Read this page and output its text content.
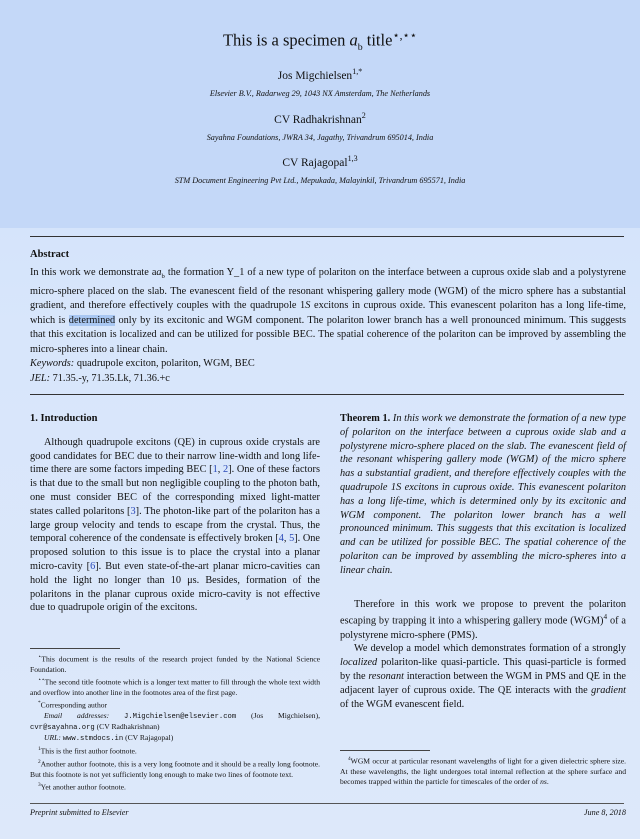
This is a specimen $a_b$ title⋆,⋆⋆
Jos Migchielsen$^{1,*}$
Elsevier B.V., Radarweg 29, 1043 NX Amsterdam, The Netherlands
CV Radhakrishnan$^2$
Sayahna Foundations, JWRA 34, Jagathy, Trivandrum 695014, India
CV Rajagopal$^{1,3}$
STM Document Engineering Pvt Ltd., Mepukada, Malayinkil, Trivandrum 695571, India
Abstract
In this work we demonstrate $aa_b$ the formation Y_1 of a new type of polariton on the interface between a cuprous oxide slab and a polystyrene micro-sphere placed on the slab. The evanescent field of the resonant whispering gallery mode (WGM) of the micro sphere has a substantial gradient, and therefore effectively couples with the quadrupole 1S excitons in cuprous oxide. This evanescent polariton has a long life-time, which is determined only by its excitonic and WGM component. The polariton lower branch has a well pronounced minimum. This suggests that this excitation is localized and can be utilized for possible BEC. The spatial coherence of the polariton can be improved by assembling the micro-spheres into a linear chain.
Keywords: quadrupole exciton, polariton, WGM, BEC
JEL: 71.35.-y, 71.35.Lk, 71.36.+c
1. Introduction

Although quadrupole excitons (QE) in cuprous oxide crystals are good candidates for BEC due to their narrow line-width and long life-time there are some factors impeding BEC [1, 2]. One of these factors is that due to the small but non negligible coupling to the photon bath, one must consider BEC of the corresponding mixed light-matter states called polaritons [3]. The photon-like part of the polariton has a large group velocity and tends to escape from the crystal. Thus, the temporal coherence of the condensate is effectively broken [4, 5]. One proposed solution to this issue is to place the crystal into a planar micro-cavity [6]. But even state-of-the-art planar micro-cavities can hold the light no longer than 10 μs. Besides, formation of the polaritons in the planar cuprous oxide micro-cavity is not effective due to quadrupole origin of the excitons.

⋆This document is the results of the research project funded by the National Science Foundation.

⋆⋆The second title footnote which is a longer text matter to fill through the whole text width and overflow into another line in the footnotes area of the first page.

*Corresponding author

Email addresses: J.Migchielsen@elsevier.com (Jos Migchielsen), cvr@sayahna.org (CV Radhakrishnan)

URL: www.stmdocs.in (CV Rajagopal)

$^1$This is the first author footnote.

$^2$Another author footnote, this is a very long footnote and it should be a really long footnote. But this footnote is not yet sufficiently long enough to make two lines of footnote text.

$^3$Yet another author footnote.

Theorem 1. In this work we demonstrate the formation of a new type of polariton on the interface between a cuprous oxide slab and a polystyrene micro-sphere placed on the slab. The evanescent field of the resonant whispering gallery mode (WGM) of the micro sphere has a substantial gradient, and therefore effectively couples with the quadrupole 1S excitons in cuprous oxide. This evanescent polariton has a long life-time, which is determined only by its excitonic and WGM component. The polariton lower branch has a well pronounced minimum. This suggests that this excitation is localized and can be utilized for possible BEC. The spatial coherence of the polariton can be improved by assembling the micro-spheres into a linear chain.

Therefore in this work we propose to prevent the polariton escaping by trapping it into a whispering gallery mode (WGM)$^4$ of a polystyrene micro-sphere (PMS).

We develop a model which demonstrates formation of a strongly localized polariton-like quasi-particle. This quasi-particle is formed by the resonant interaction between the WGM in PMS and QE in the adjacent layer of cuprous oxide. The QE interacts with the gradient of the WGM evanescent field.

$^4$WGM occur at particular resonant wavelengths of light for a given dielectric sphere size. At these wavelengths, the light undergoes total internal reflection at the sphere surface and becomes trapped within the particle for timescales of the order of ns.

Preprint submitted to Elsevier	June 8, 2018
